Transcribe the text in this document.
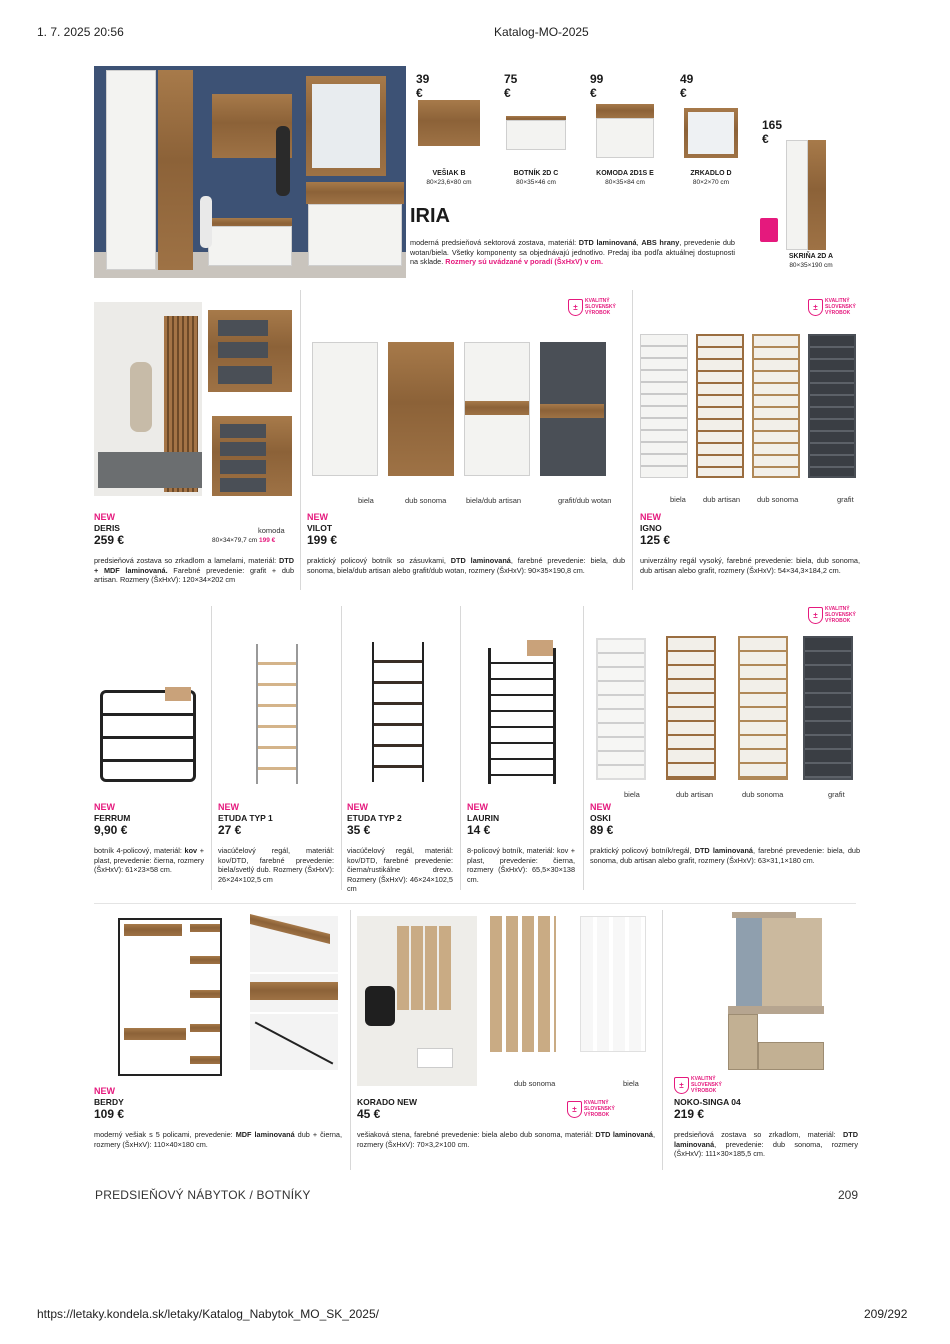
1. 7. 2025 20:56	Katalog-MO-2025
39 €
VEŠIAK B
80×23,6×80 cm
75 €
BOTNÍK 2D C
80×35×46 cm
99 €
KOMODA 2D1S E
80×35×84 cm
49 €
ZRKADLO D
80×2×70 cm
165 €
SKRIŇA 2D A
80×35×190 cm
IRIA
moderná predsieňová sektorová zostava, materiál: DTD laminovaná, ABS hrany, prevedenie dub wotan/biela. Všetky komponenty sa objednávajú jednotlivo. Predaj iba podľa aktuálnej dostupnosti na sklade. Rozmery sú uvádzané v poradí (ŠxHxV) v cm.
NEW
DERIS
259 €
komoda
80×34×79,7 cm 199 €
predsieňová zostava so zrkadlom a lamelami, materiál: DTD + MDF laminovaná. Farebné prevedenie: grafit + dub artisan. Rozmery (ŠxHxV): 120×34×202 cm
±
KVALITNÝ
SLOVENSKÝ
VÝROBOK
biela	dub sonoma	biela/dub artisan	grafit/dub wotan
NEW
VILOT
199 €
praktický policový botník so zásuvkami, DTD laminovaná, farebné prevedenie: biela, dub sonoma, biela/dub artisan alebo grafit/dub wotan, rozmery (ŠxHxV): 90×35×190,8 cm.
±
KVALITNÝ
SLOVENSKÝ
VÝROBOK
biela dub artisan dub sonoma	grafit
NEW
IGNO
125 €
univerzálny regál vysoký, farebné prevedenie: biela, dub sonoma, dub artisan alebo grafit, rozmery (ŠxHxV): 54×34,3×184,2 cm.
NEW
FERRUM
9,90 €
botník 4-policový, materiál: kov + plast, prevedenie: čierna, rozmery (ŠxHxV): 61×23×58 cm.
NEW
ETUDA TYP 1
27 €
viacúčelový regál, materiál: kov/DTD, farebné prevedenie: biela/svetlý dub. Rozmery (ŠxHxV): 26×24×102,5 cm
NEW
ETUDA TYP 2
35 €
viacúčelový regál, materiál: kov/DTD, farebné prevedenie: čierna/rustikálne drevo. Rozmery (ŠxHxV): 46×24×102,5 cm
NEW
LAURIN
14 €
8-policový botník, materiál: kov + plast, prevedenie: čierna, rozmery (ŠxHxV): 65,5×30×138 cm.
±
KVALITNÝ
SLOVENSKÝ
VÝROBOK
biela	dub artisan	dub sonoma	grafit
NEW
OSKI
89 €
praktický policový botník/regál, DTD laminovaná, farebné prevedenie: biela, dub sonoma, dub artisan alebo grafit, rozmery (ŠxHxV): 63×31,1×180 cm.
NEW
BERDY
109 €
moderný vešiak s 5 policami, prevedenie: MDF laminovaná dub + čierna, rozmery (ŠxHxV): 110×40×180 cm.
dub sonoma	biela
±
KVALITNÝ
SLOVENSKÝ
VÝROBOK
KORADO NEW
45 €
vešiaková stena, farebné prevedenie: biela alebo dub sonoma, materiál: DTD laminovaná, rozmery (ŠxHxV): 70×3,2×100 cm.
±
KVALITNÝ
SLOVENSKÝ
VÝROBOK
NOKO-SINGA 04
219 €
predsieňová zostava so zrkadlom, materiál: DTD laminovaná, prevedenie: dub sonoma, rozmery (ŠxHxV): 111×30×185,5 cm.
PREDSIEŇOVÝ NÁBYTOK / BOTNÍKY	209
https://letaky.kondela.sk/letaky/Katalog_Nabytok_MO_SK_2025/	209/292
